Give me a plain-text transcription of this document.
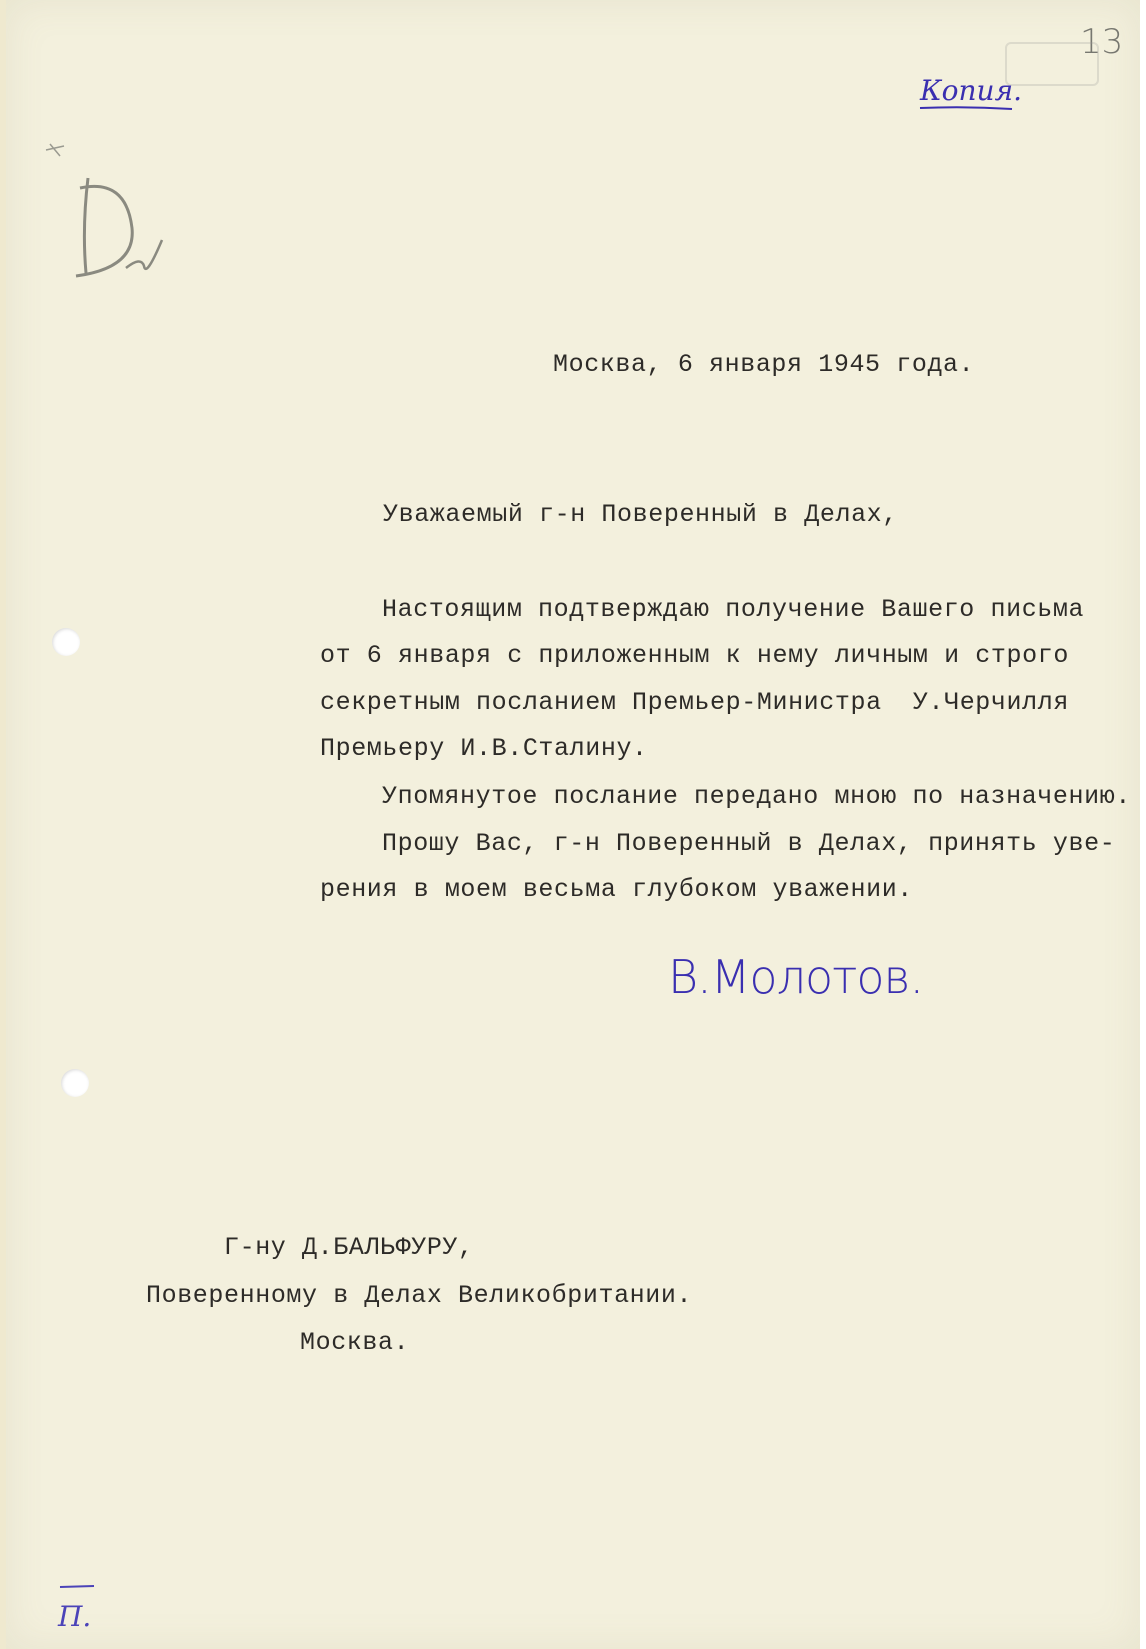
13
Копия.
Москва, 6 января 1945 года.
Уважаемый г-н Поверенный в Делах,
Настоящим подтверждаю получение Вашего письма
от 6 января с приложенным к нему личным и строго
секретным посланием Премьер-Министра  У.Черчилля
Премьеру И.В.Сталину.
Упомянутое послание передано мною по назначению.
Прошу Вас, г-н Поверенный в Делах, принять уве-
рения в моем весьма глубоком уважении.
В.Молотов.
Г-ну Д.БАЛЬФУРУ,
Поверенному в Делах Великобритании.
Москва.
П.
